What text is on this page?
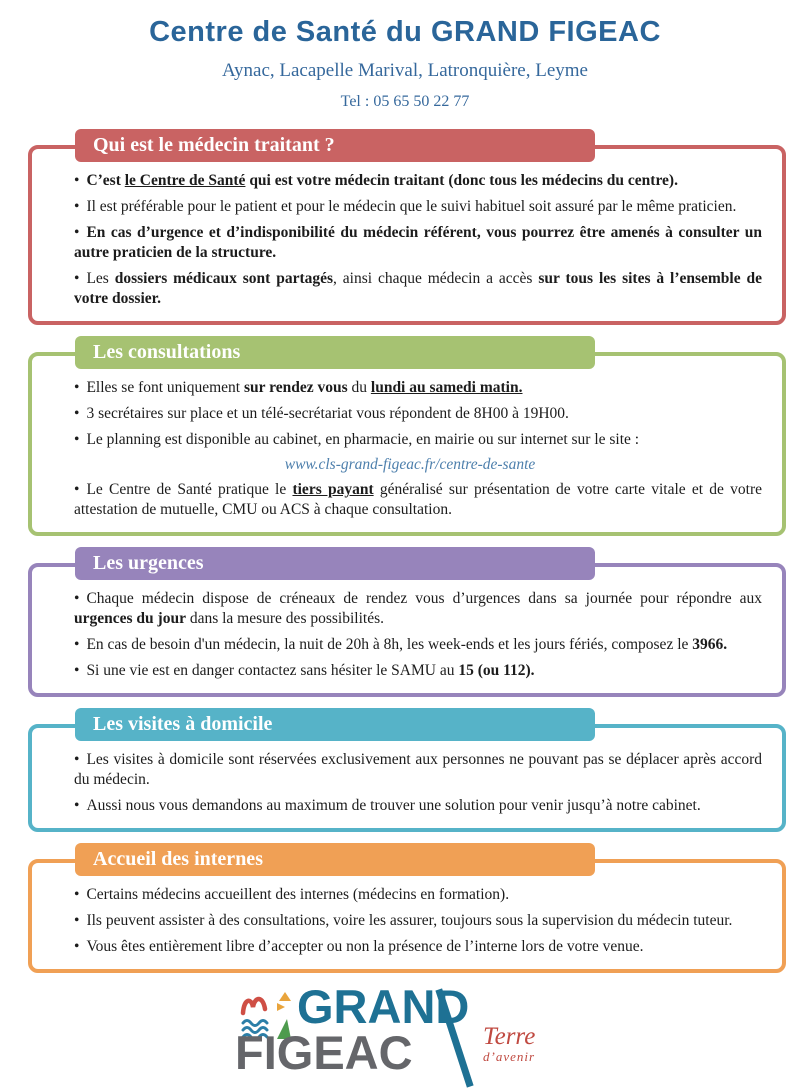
Centre de Santé du GRAND FIGEAC
Aynac, Lacapelle Marival, Latronquière, Leyme
Tel : 05 65 50 22 77
Qui est le médecin traitant ?
• C’est le Centre de Santé qui est votre médecin traitant (donc tous les médecins du centre).
• Il est préférable pour le patient et pour le médecin que le suivi habituel soit assuré par le même praticien.
• En cas d’urgence et d’indisponibilité du médecin référent, vous pourrez être amenés à consulter un autre praticien de la structure.
• Les dossiers médicaux sont partagés, ainsi chaque médecin a accès sur tous les sites à l’ensemble de votre dossier.
Les consultations
• Elles se font uniquement sur rendez vous du lundi au samedi matin.
• 3 secrétaires sur place et un télé-secrétariat vous répondent de 8H00 à 19H00.
• Le planning est disponible au cabinet, en pharmacie, en mairie ou sur internet sur le site :
www.cls-grand-figeac.fr/centre-de-sante
• Le Centre de Santé pratique le tiers payant généralisé sur présentation de votre carte vitale et de votre attestation de mutuelle, CMU ou ACS à chaque consultation.
Les urgences
• Chaque médecin dispose de créneaux de rendez vous d’urgences dans sa journée pour répondre aux urgences du jour dans la mesure des possibilités.
• En cas de besoin d'un médecin, la nuit de 20h à 8h, les week-ends et les jours fériés, composez le 3966.
• Si une vie est en danger contactez sans hésiter le SAMU au 15 (ou 112).
Les visites à domicile
• Les visites à domicile sont réservées exclusivement aux personnes ne pouvant pas se déplacer après accord du médecin.
• Aussi nous vous demandons au maximum de trouver une solution pour venir jusqu’à notre cabinet.
Accueil des internes
• Certains médecins accueillent des internes (médecins en formation).
• Ils peuvent assister à des consultations, voire les assurer, toujours sous la supervision du médecin tuteur.
• Vous êtes entièrement libre d’accepter ou non la présence de l’interne lors de votre venue.
GRAND
FIGEAC	Terre
d’avenir
